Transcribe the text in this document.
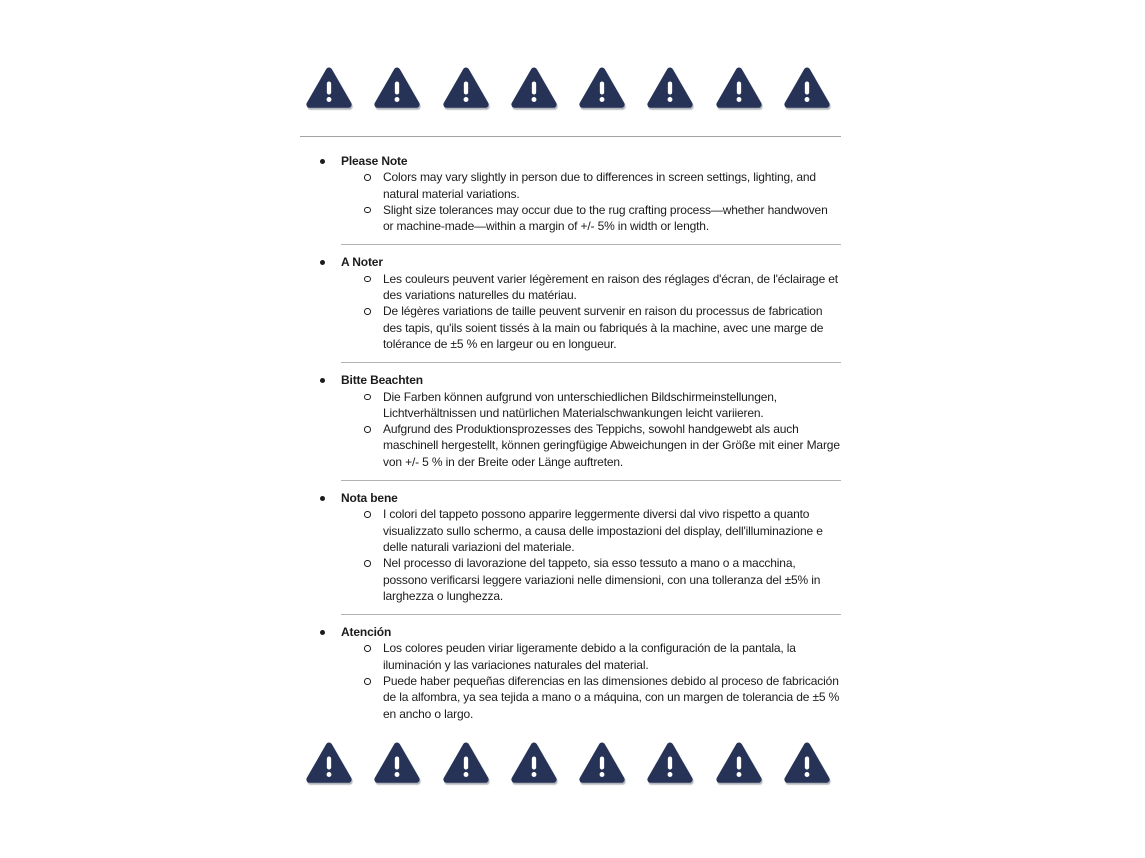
Please Note
Colors may vary slightly in person due to differences in screen settings, lighting, and natural material variations.
Slight size tolerances may occur due to the rug crafting process—whether handwoven or machine-made—within a margin of +/- 5% in width or length.
A Noter
Les couleurs peuvent varier légèrement en raison des réglages d'écran, de l'éclairage et des variations naturelles du matériau.
De légères variations de taille peuvent survenir en raison du processus de fabrication des tapis, qu'ils soient tissés à la main ou fabriqués à la machine, avec une marge de tolérance de ±5 % en largeur ou en longueur.
Bitte Beachten
Die Farben können aufgrund von unterschiedlichen Bildschirmeinstellungen, Lichtverhältnissen und natürlichen Materialschwankungen leicht variieren.
Aufgrund des Produktionsprozesses des Teppichs, sowohl handgewebt als auch maschinell hergestellt, können geringfügige Abweichungen in der Größe mit einer Marge von +/- 5 % in der Breite oder Länge auftreten.
Nota bene
I colori del tappeto possono apparire leggermente diversi dal vivo rispetto a quanto visualizzato sullo schermo, a causa delle impostazioni del display, dell'illuminazione e delle naturali variazioni del materiale.
Nel processo di lavorazione del tappeto, sia esso tessuto a mano o a macchina, possono verificarsi leggere variazioni nelle dimensioni, con una tolleranza del ±5% in larghezza o lunghezza.
Atención
Los colores peuden viriar ligeramente debido a la configuración de la pantala, la iluminación y las variaciones naturales del material.
Puede haber pequeñas diferencias en las dimensiones debido al proceso de fabricación de la alfombra, ya sea tejida a mano o a máquina, con un margen de tolerancia de ±5 % en ancho o largo.
